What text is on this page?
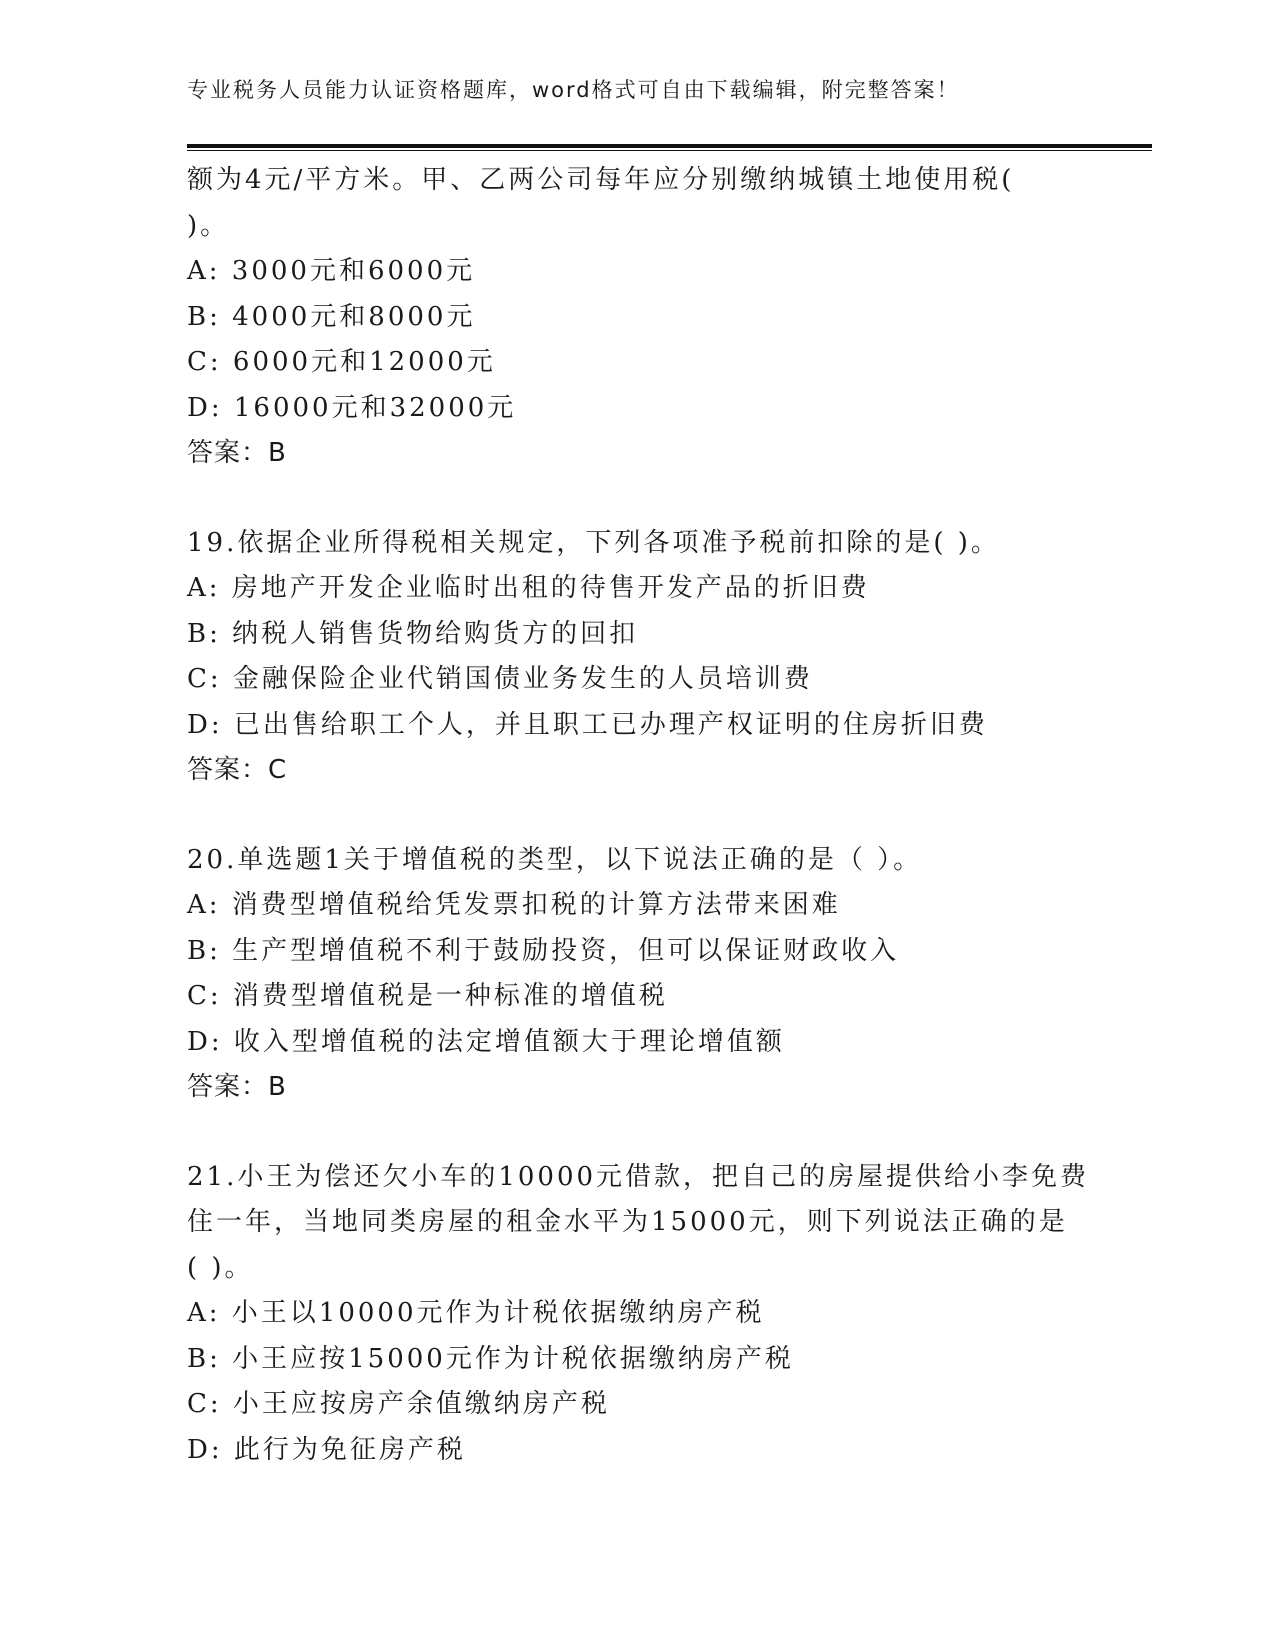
专业税务人员能力认证资格题库，word格式可自由下载编辑，附完整答案！
额为4元/平方米。甲、乙两公司每年应分别缴纳城镇土地使用税(
)。
A: 3000元和6000元
B: 4000元和8000元
C: 6000元和12000元
D: 16000元和32000元
答案：B
19.依据企业所得税相关规定，下列各项准予税前扣除的是( )。
A: 房地产开发企业临时出租的待售开发产品的折旧费
B: 纳税人销售货物给购货方的回扣
C: 金融保险企业代销国债业务发生的人员培训费
D: 已出售给职工个人，并且职工已办理产权证明的住房折旧费
答案：C
20.单选题1关于增值税的类型，以下说法正确的是（ ）。
A: 消费型增值税给凭发票扣税的计算方法带来困难
B: 生产型增值税不利于鼓励投资，但可以保证财政收入
C: 消费型增值税是一种标准的增值税
D: 收入型增值税的法定增值额大于理论增值额
答案：B
21.小王为偿还欠小车的10000元借款，把自己的房屋提供给小李免费
住一年，当地同类房屋的租金水平为15000元，则下列说法正确的是
( )。
A: 小王以10000元作为计税依据缴纳房产税
B: 小王应按15000元作为计税依据缴纳房产税
C: 小王应按房产余值缴纳房产税
D: 此行为免征房产税
